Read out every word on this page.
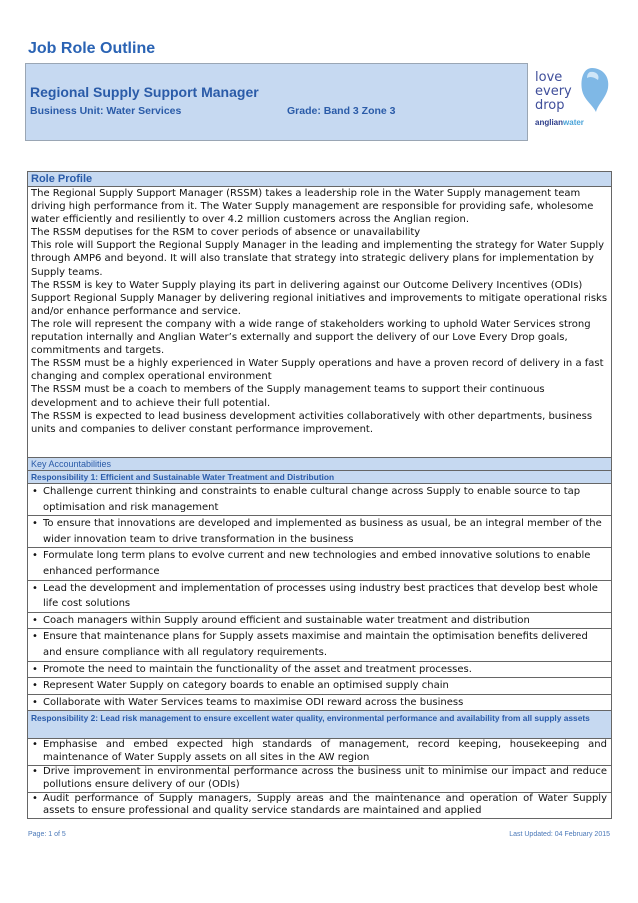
Job Role Outline
Regional Supply Support Manager
Business Unit: Water Services	Grade: Band 3 Zone 3
love
every
drop
anglianwater
Role Profile

The Regional Supply Support Manager (RSSM) takes a leadership role in the Water Supply management team driving high performance from it. The Water Supply management are responsible for providing safe, wholesome water efficiently and resiliently to over 4.2 million customers across the Anglian region.

The RSSM deputises for the RSM to cover periods of absence or unavailability

This role will Support the Regional Supply Manager in the leading and implementing the strategy for Water Supply through AMP6 and beyond. It will also translate that strategy into strategic delivery plans for implementation by Supply teams.

The RSSM is key to Water Supply playing its part in delivering against our Outcome Delivery Incentives (ODIs)

Support Regional Supply Manager by delivering regional initiatives and improvements to mitigate operational risks and/or enhance performance and service.

The role will represent the company with a wide range of stakeholders working to uphold Water Services strong reputation internally and Anglian Water’s externally and support the delivery of our Love Every Drop goals, commitments and targets.

The RSSM must be a highly experienced in Water Supply operations and have a proven record of delivery in a fast changing and complex operational environment

The RSSM must be a coach to members of the Supply management teams to support their continuous development and to achieve their full potential.

The RSSM is expected to lead business development activities collaboratively with other departments, business units and companies to deliver constant performance improvement.

Key Accountabilities
Responsibility 1: Efficient and Sustainable Water Treatment and Distribution
• Challenge current thinking and constraints to enable cultural change across Supply to enable source to tap optimisation and risk management
• To ensure that innovations are developed and implemented as business as usual, be an integral member of the wider innovation team to drive transformation in the business
• Formulate long term plans to evolve current and new technologies and embed innovative solutions to enable enhanced performance
• Lead the development and implementation of processes using industry best practices that develop best whole life cost solutions
• Coach managers within Supply around efficient and sustainable water treatment and distribution
• Ensure that maintenance plans for Supply assets maximise and maintain the optimisation benefits delivered and ensure compliance with all regulatory requirements.
• Promote the need to maintain the functionality of the asset and treatment processes.
• Represent Water Supply on category boards to enable an optimised supply chain
• Collaborate with Water Services teams to maximise ODI reward across the business
Responsibility 2: Lead risk management to ensure excellent water quality, environmental performance and availability from all supply assets
• Emphasise and embed expected high standards of management, record keeping, housekeeping and maintenance of Water Supply assets on all sites in the AW region
• Drive improvement in environmental performance across the business unit to minimise our impact and reduce pollutions ensure delivery of our (ODIs)
• Audit performance of Supply managers, Supply areas and the maintenance and operation of Water Supply assets to ensure professional and quality service standards are maintained and applied
Page: 1 of 5	Last Updated: 04 February 2015
